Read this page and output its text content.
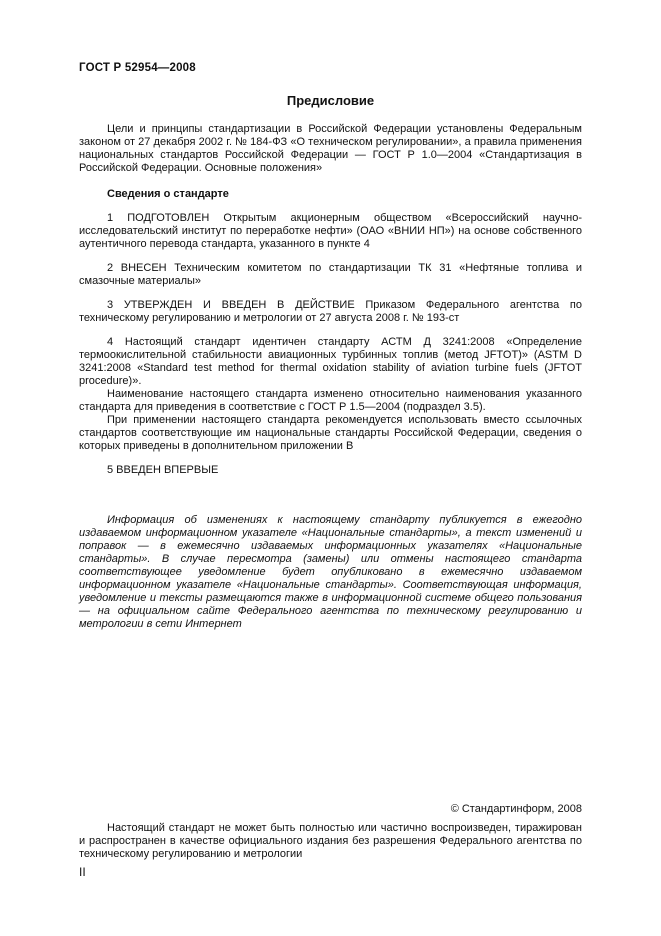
ГОСТ Р 52954—2008
Предисловие

Цели и принципы стандартизации в Российской Федерации установлены Федеральным законом от 27 декабря 2002 г. № 184-ФЗ «О техническом регулировании», а правила применения национальных стандартов Российской Федерации — ГОСТ Р 1.0—2004 «Стандартизация в Российской Федерации. Основные положения»

Сведения о стандарте

1 ПОДГОТОВЛЕН Открытым акционерным обществом «Всероссийский научно-исследовательский институт по переработке нефти» (ОАО «ВНИИ НП») на основе собственного аутентичного перевода стандарта, указанного в пункте 4

2 ВНЕСЕН Техническим комитетом по стандартизации ТК 31 «Нефтяные топлива и смазочные материалы»

3 УТВЕРЖДЕН И ВВЕДЕН В ДЕЙСТВИЕ Приказом Федерального агентства по техническому регулированию и метрологии от 27 августа 2008 г. № 193-ст

4 Настоящий стандарт идентичен стандарту АСТМ Д 3241:2008 «Определение термоокислительной стабильности авиационных турбинных топлив (метод JFTOT)» (ASTM D 3241:2008 «Standard test method for thermal oxidation stability of aviation turbine fuels (JFTOT procedure)».

Наименование настоящего стандарта изменено относительно наименования указанного стандарта для приведения в соответствие с ГОСТ Р 1.5—2004 (подраздел 3.5).

При применении настоящего стандарта рекомендуется использовать вместо ссылочных стандартов соответствующие им национальные стандарты Российской Федерации, сведения о которых приведены в дополнительном приложении В

5 ВВЕДЕН ВПЕРВЫЕ

Информация об изменениях к настоящему стандарту публикуется в ежегодно издаваемом информационном указателе «Национальные стандарты», а текст изменений и поправок — в ежемесячно издаваемых информационных указателях «Национальные стандарты». В случае пересмотра (замены) или отмены настоящего стандарта соответствующее уведомление будет опубликовано в ежемесячно издаваемом информационном указателе «Национальные стандарты». Соответствующая информация, уведомление и тексты размещаются также в информационной системе общего пользования — на официальном сайте Федерального агентства по техническому регулированию и метрологии в сети Интернет

© Стандартинформ, 2008

Настоящий стандарт не может быть полностью или частично воспроизведен, тиражирован и распространен в качестве официального издания без разрешения Федерального агентства по техническому регулированию и метрологии

II
